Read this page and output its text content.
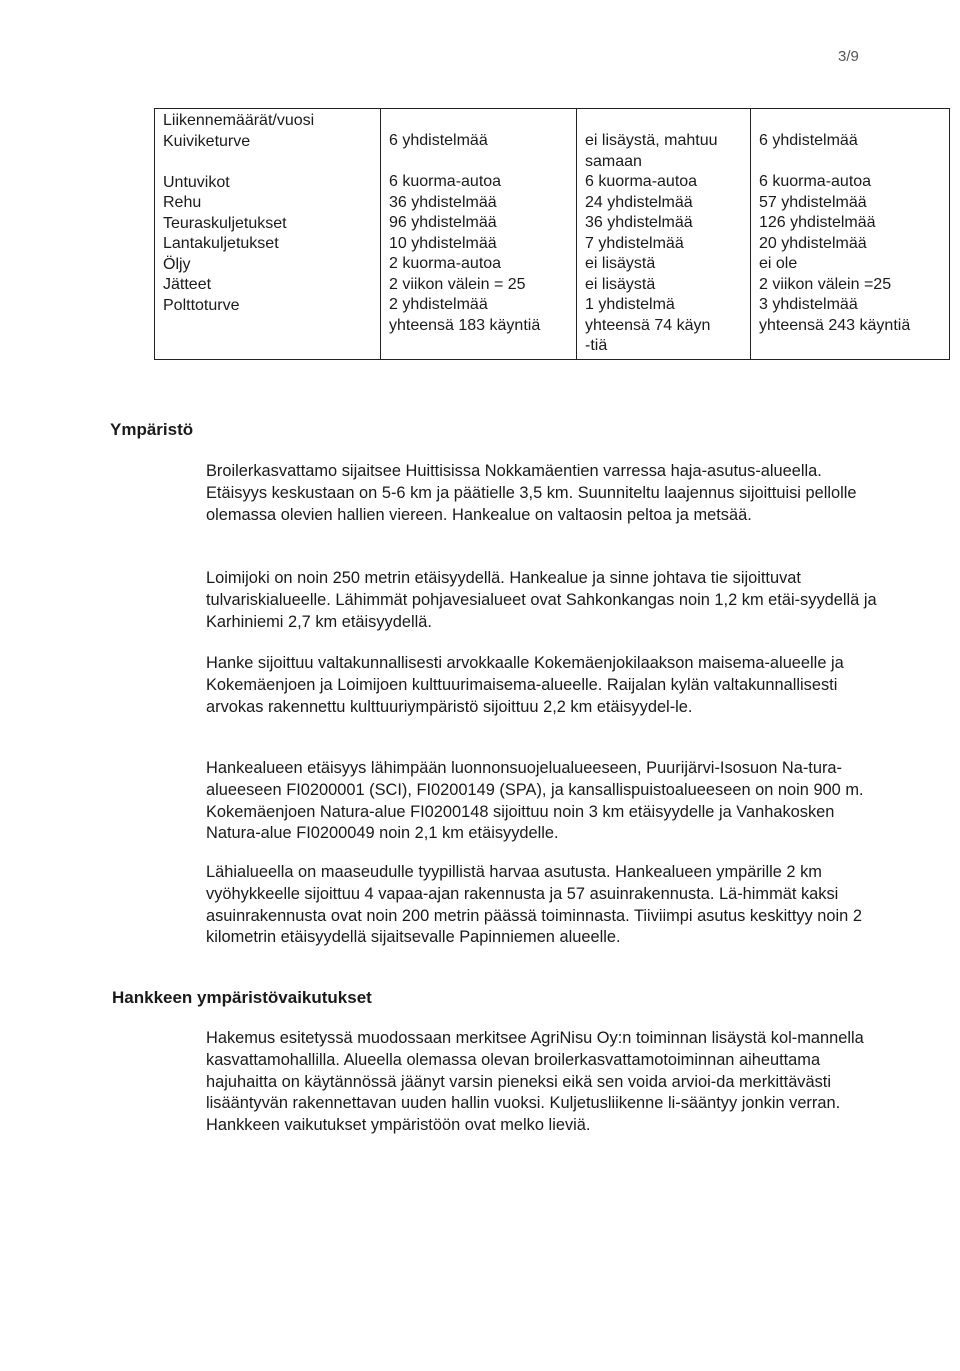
3/9
Liikennemäärät/vuosi
Kuiviketurve
Untuvikot
Rehu
Teuraskuljetukset
Lantakuljetukset
Öljy
Jätteet
Polttoturve
6 yhdistelmää
6 kuorma-autoa
36 yhdistelmää
96 yhdistelmää
10 yhdistelmää
2 kuorma-autoa
2 viikon välein = 25
2 yhdistelmää
yhteensä 183 käyntiä
ei lisäystä, mahtuu samaan
6 kuorma-autoa
24 yhdistelmää
36 yhdistelmää
7 yhdistelmää
ei lisäystä
ei lisäystä
1 yhdistelmä
yhteensä 74 käyn-tiä
6 yhdistelmää
6 kuorma-autoa
57 yhdistelmää
126 yhdistelmää
20 yhdistelmää
ei ole
2 viikon välein =25
3 yhdistelmää
yhteensä 243 käyntiä
Ympäristö

Broilerkasvattamo sijaitsee Huittisissa Nokkamäentien varressa haja-asutus-alueella. Etäisyys keskustaan on 5-6 km ja päätielle 3,5 km. Suunniteltu laajennus sijoittuisi pellolle olemassa olevien hallien viereen. Hankealue on valtaosin peltoa ja metsää.

Loimijoki on noin 250 metrin etäisyydellä. Hankealue ja sinne johtava tie sijoittuvat tulvariskialueelle. Lähimmät pohjavesialueet ovat Sahkonkangas noin 1,2 km etäi-syydellä ja Karhiniemi 2,7 km etäisyydellä.

Hanke sijoittuu valtakunnallisesti arvokkaalle Kokemäenjokilaakson maisema-alueelle ja Kokemäenjoen ja Loimijoen kulttuurimaisema-alueelle. Raijalan kylän valtakunnallisesti arvokas rakennettu kulttuuriympäristö sijoittuu 2,2 km etäisyydel-le.

Hankealueen etäisyys lähimpään luonnonsuojelualueeseen, Puurijärvi-Isosuon Na-tura-alueeseen FI0200001 (SCI), FI0200149 (SPA), ja kansallispuistoalueeseen on noin 900 m. Kokemäenjoen Natura-alue FI0200148 sijoittuu noin 3 km etäisyydelle ja Vanhakosken Natura-alue FI0200049 noin 2,1 km etäisyydelle.

Lähialueella on maaseudulle tyypillistä harvaa asutusta. Hankealueen ympärille 2 km vyöhykkeelle sijoittuu 4 vapaa-ajan rakennusta ja 57 asuinrakennusta. Lä-himmät kaksi asuinrakennusta ovat noin 200 metrin päässä toiminnasta. Tiiviimpi asutus keskittyy noin 2 kilometrin etäisyydellä sijaitsevalle Papinniemen alueelle.

Hankkeen ympäristövaikutukset

Hakemus esitetyssä muodossaan merkitsee AgriNisu Oy:n toiminnan lisäystä kol-mannella kasvattamohallilla. Alueella olemassa olevan broilerkasvattamotoiminnan aiheuttama hajuhaitta on käytännössä jäänyt varsin pieneksi eikä sen voida arvioi-da merkittävästi lisääntyvän rakennettavan uuden hallin vuoksi. Kuljetusliikenne li-sääntyy jonkin verran. Hankkeen vaikutukset ympäristöön ovat melko lieviä.
